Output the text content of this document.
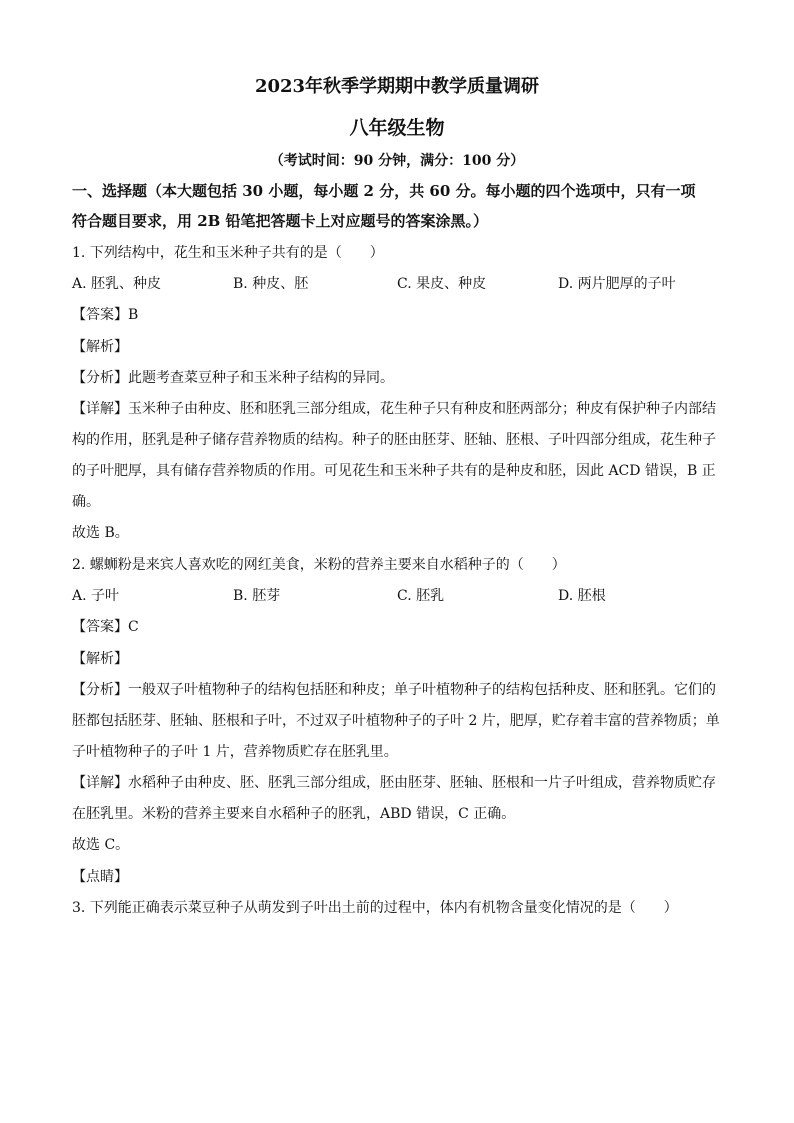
2023年秋季学期期中教学质量调研
八年级生物
（考试时间：90 分钟，满分：100 分）
一、选择题（本大题包括 30 小题，每小题 2 分，共 60 分。每小题的四个选项中，只有一项
符合题目要求，用 2B 铅笔把答题卡上对应题号的答案涂黑。）
1. 下列结构中，花生和玉米种子共有的是（　　）
A. 胚乳、种皮	B. 种皮、胚	C. 果皮、种皮	D. 两片肥厚的子叶
【答案】B
【解析】
【分析】此题考查菜豆种子和玉米种子结构的异同。
【详解】玉米种子由种皮、胚和胚乳三部分组成，花生种子只有种皮和胚两部分；种皮有保护种子内部结
构的作用，胚乳是种子储存营养物质的结构。种子的胚由胚芽、胚轴、胚根、子叶四部分组成，花生种子
的子叶肥厚，具有储存营养物质的作用。可见花生和玉米种子共有的是种皮和胚，因此 ACD 错误，B 正
确。
故选 B。
2. 螺蛳粉是来宾人喜欢吃的网红美食，米粉的营养主要来自水稻种子的（　　）
A. 子叶	B. 胚芽	C. 胚乳	D. 胚根
【答案】C
【解析】
【分析】一般双子叶植物种子的结构包括胚和种皮；单子叶植物种子的结构包括种皮、胚和胚乳。它们的
胚都包括胚芽、胚轴、胚根和子叶，不过双子叶植物种子的子叶 2 片，肥厚，贮存着丰富的营养物质；单
子叶植物种子的子叶 1 片，营养物质贮存在胚乳里。
【详解】水稻种子由种皮、胚、胚乳三部分组成，胚由胚芽、胚轴、胚根和一片子叶组成，营养物质贮存
在胚乳里。米粉的营养主要来自水稻种子的胚乳，ABD 错误，C 正确。
故选 C。
【点睛】
3. 下列能正确表示菜豆种子从萌发到子叶出土前的过程中，体内有机物含量变化情况的是（　　）
